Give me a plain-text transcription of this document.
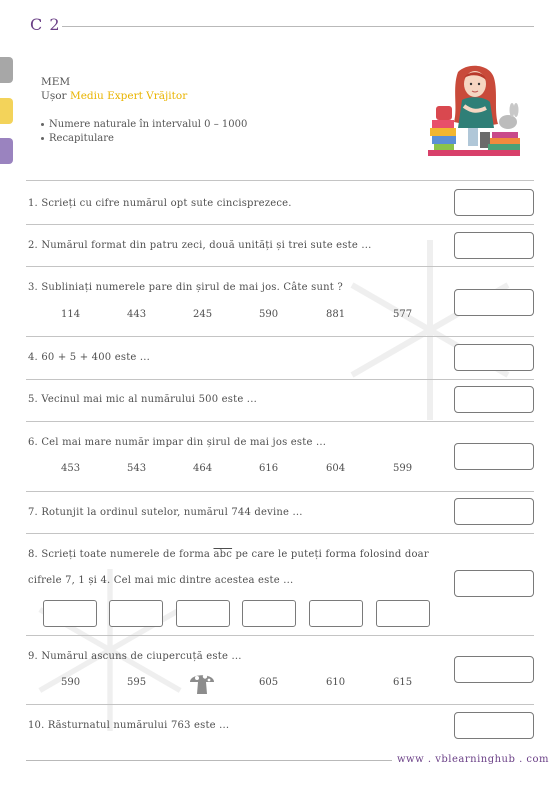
C 2
MEM
Ușor Mediu Expert Vrăjitor
Numere naturale în intervalul 0 – 1000
Recapitulare
1. Scrieți cu cifre numărul opt sute cincisprezece.
2. Numărul format din patru zeci, două unități și trei sute este ...
3. Subliniați numerele pare din șirul de mai jos. Câte sunt ?
114	443	245	590	881	577
4. 60 + 5 + 400 este ...
5. Vecinul mai mic al numărului 500 este ...
6. Cel mai mare număr impar din șirul de mai jos este ...
453	543	464	616	604	599
7. Rotunjit la ordinul sutelor, numărul 744 devine ...
8. Scrieți toate numerele de forma $\overline{abc}$ pe care le puteți forma folosind doar
cifrele 7, 1 și 4. Cel mai mic dintre acestea este ...
9. Numărul ascuns de ciupercuță este ...
590	595	605	610	615
10. Răsturnatul numărului 763 este ...
www . vblearninghub . com
